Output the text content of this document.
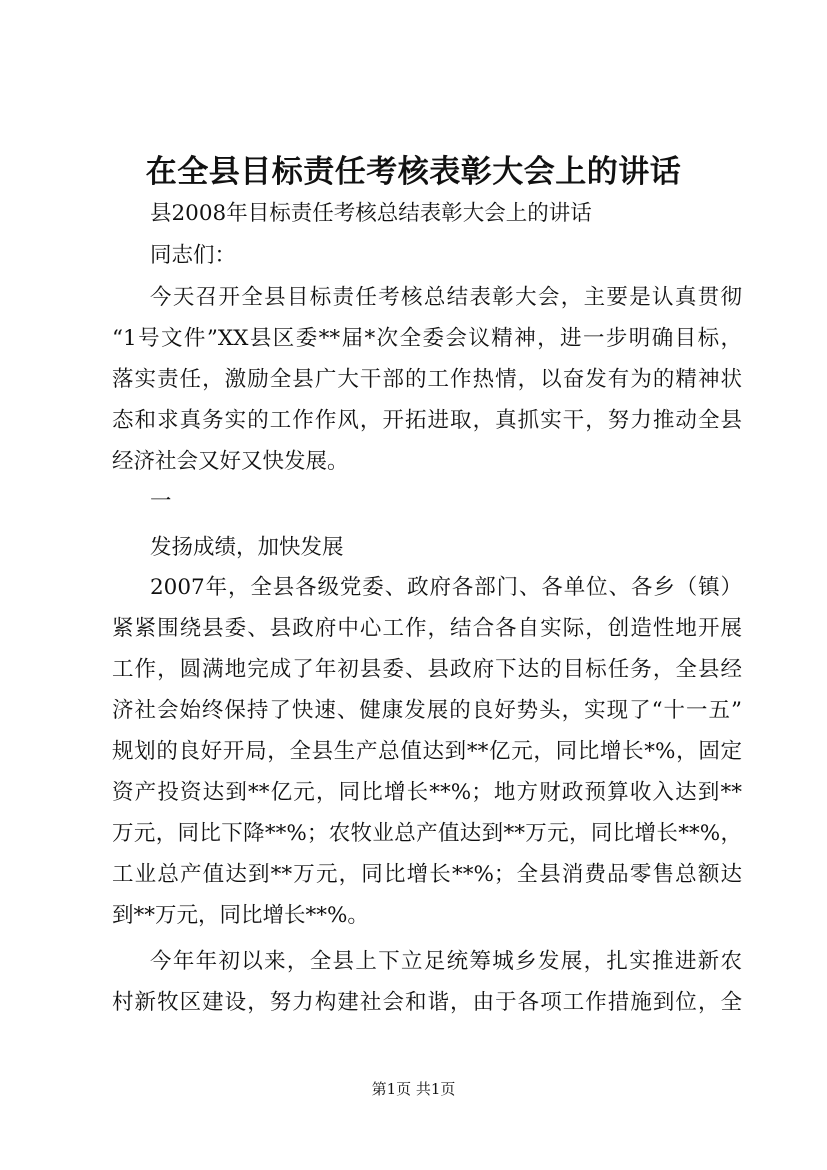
在全县目标责任考核表彰大会上的讲话
县2008年目标责任考核总结表彰大会上的讲话
同志们：
今天召开全县目标责任考核总结表彰大会，主要是认真贯彻
“1号文件”XX县区委**届*次全委会议精神，进一步明确目标，
落实责任，激励全县广大干部的工作热情，以奋发有为的精神状
态和求真务实的工作作风，开拓进取，真抓实干，努力推动全县
经济社会又好又快发展。
一
发扬成绩，加快发展
2007年，全县各级党委、政府各部门、各单位、各乡（镇）
紧紧围绕县委、县政府中心工作，结合各自实际，创造性地开展
工作，圆满地完成了年初县委、县政府下达的目标任务，全县经
济社会始终保持了快速、健康发展的良好势头，实现了“十一五”
规划的良好开局，全县生产总值达到**亿元，同比增长*%，固定
资产投资达到**亿元，同比增长**%；地方财政预算收入达到**
万元，同比下降**%；农牧业总产值达到**万元，同比增长**%，
工业总产值达到**万元，同比增长**%；全县消费品零售总额达
到**万元，同比增长**%。
今年年初以来，全县上下立足统筹城乡发展，扎实推进新农
村新牧区建设，努力构建社会和谐，由于各项工作措施到位，全
第1页 共1页
